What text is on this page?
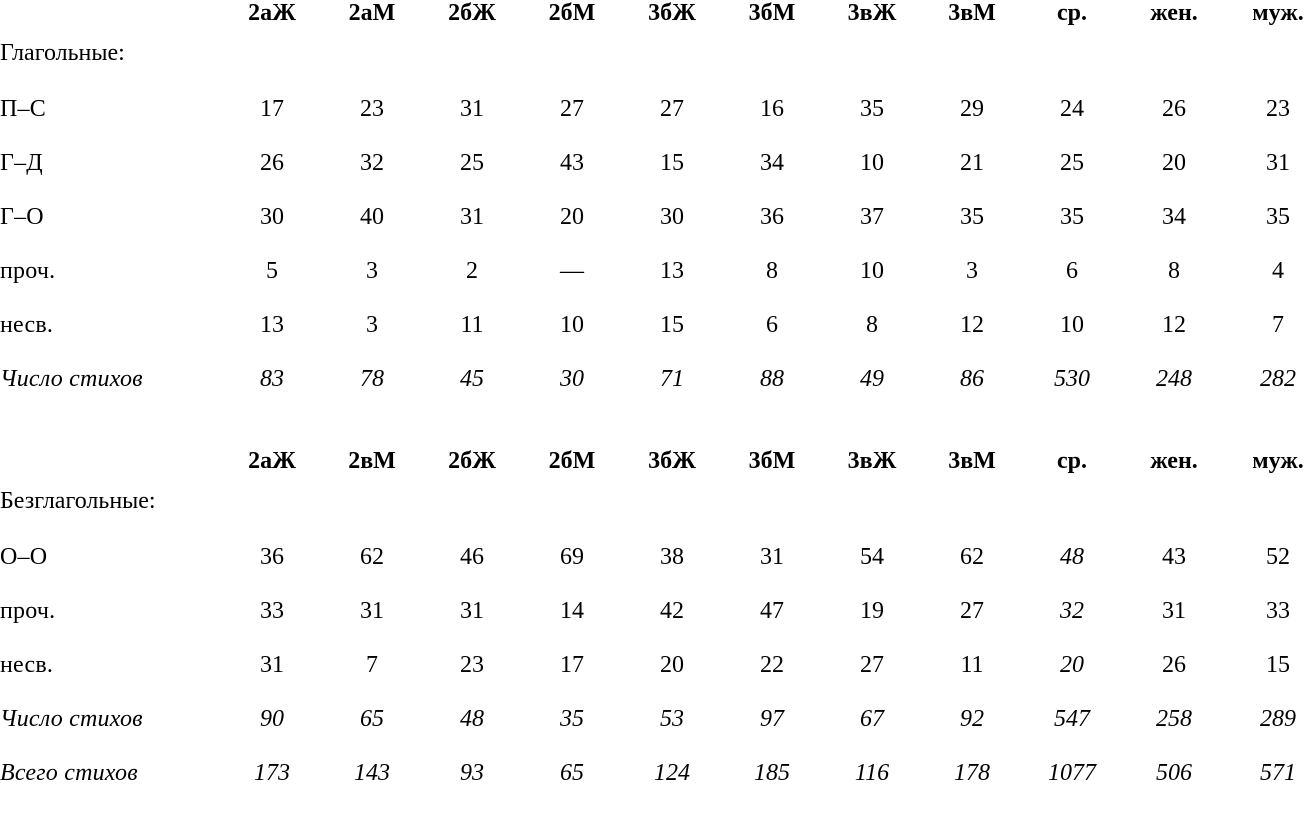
	2аЖ	2аМ	2бЖ	2бМ	3бЖ	3бМ	3вЖ	3вМ	ср.	жен.	муж.
Глагольные:											
П–С	17	23	31	27	27	16	35	29	24	26	23
Г–Д	26	32	25	43	15	34	10	21	25	20	31
Г–О	30	40	31	20	30	36	37	35	35	34	35
проч.	5	3	2	—	13	8	10	3	6	8	4
несв.	13	3	11	10	15	6	8	12	10	12	7
Число стихов	83	78	45	30	71	88	49	86	530	248	282

	2аЖ	2вМ	2бЖ	2бМ	3бЖ	3бМ	3вЖ	3вМ	ср.	жен.	муж.
Безглагольные:											
О–О	36	62	46	69	38	31	54	62	48	43	52
проч.	33	31	31	14	42	47	19	27	32	31	33
несв.	31	7	23	17	20	22	27	11	20	26	15
Число стихов	90	65	48	35	53	97	67	92	547	258	289
Всего стихов	173	143	93	65	124	185	116	178	1077	506	571
